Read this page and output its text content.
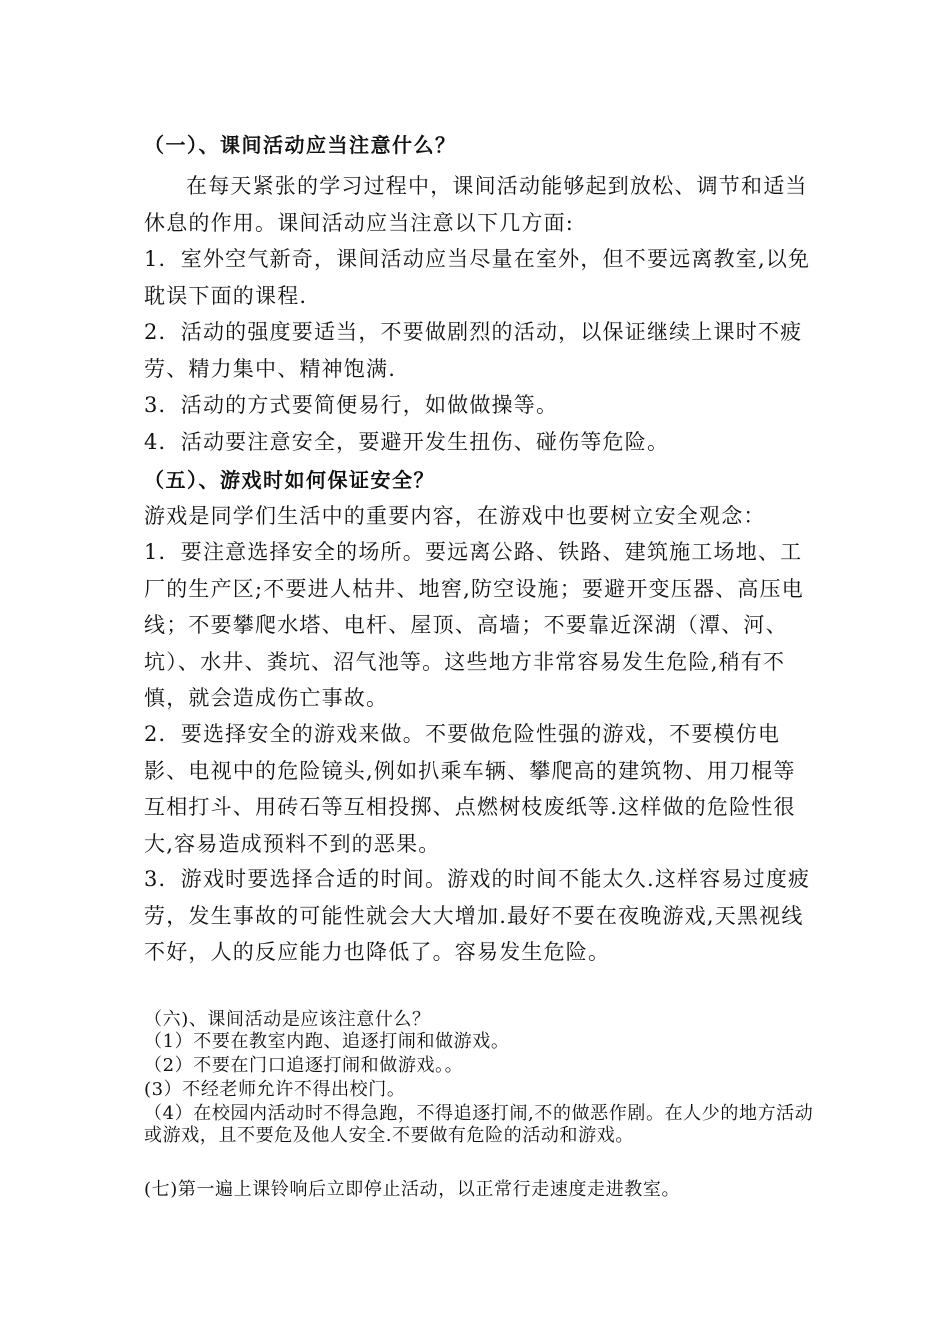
（一）、课间活动应当注意什么？

在每天紧张的学习过程中，课间活动能够起到放松、调节和适当休息的作用。课间活动应当注意以下几方面:

1．室外空气新奇，课间活动应当尽量在室外，但不要远离教室,以免耽误下面的课程.

2．活动的强度要适当，不要做剧烈的活动，以保证继续上课时不疲劳、精力集中、精神饱满.

3．活动的方式要简便易行，如做做操等。

4．活动要注意安全，要避开发生扭伤、碰伤等危险。

（五）、游戏时如何保证安全？

游戏是同学们生活中的重要内容，在游戏中也要树立安全观念：

1．要注意选择安全的场所。要远离公路、铁路、建筑施工场地、工厂的生产区;不要进人枯井、地窖,防空设施；要避开变压器、高压电线；不要攀爬水塔、电杆、屋顶、高墙；不要靠近深湖（潭、河、坑）、水井、粪坑、沼气池等。这些地方非常容易发生危险,稍有不慎，就会造成伤亡事故。

2．要选择安全的游戏来做。不要做危险性强的游戏，不要模仿电影、电视中的危险镜头,例如扒乘车辆、攀爬高的建筑物、用刀棍等互相打斗、用砖石等互相投掷、点燃树枝废纸等.这样做的危险性很大,容易造成预料不到的恶果。

3．游戏时要选择合适的时间。游戏的时间不能太久.这样容易过度疲劳，发生事故的可能性就会大大增加.最好不要在夜晚游戏,天黑视线不好，人的反应能力也降低了。容易发生危险。

（六)、课间活动是应该注意什么？

（1）不要在教室内跑、追逐打闹和做游戏。

（2）不要在门口追逐打闹和做游戏。。

(3）不经老师允许不得出校门。

（4）在校园内活动时不得急跑，不得追逐打闹,不的做恶作剧。在人少的地方活动或游戏，且不要危及他人安全.不要做有危险的活动和游戏。

(七)第一遍上课铃响后立即停止活动，以正常行走速度走进教室。
